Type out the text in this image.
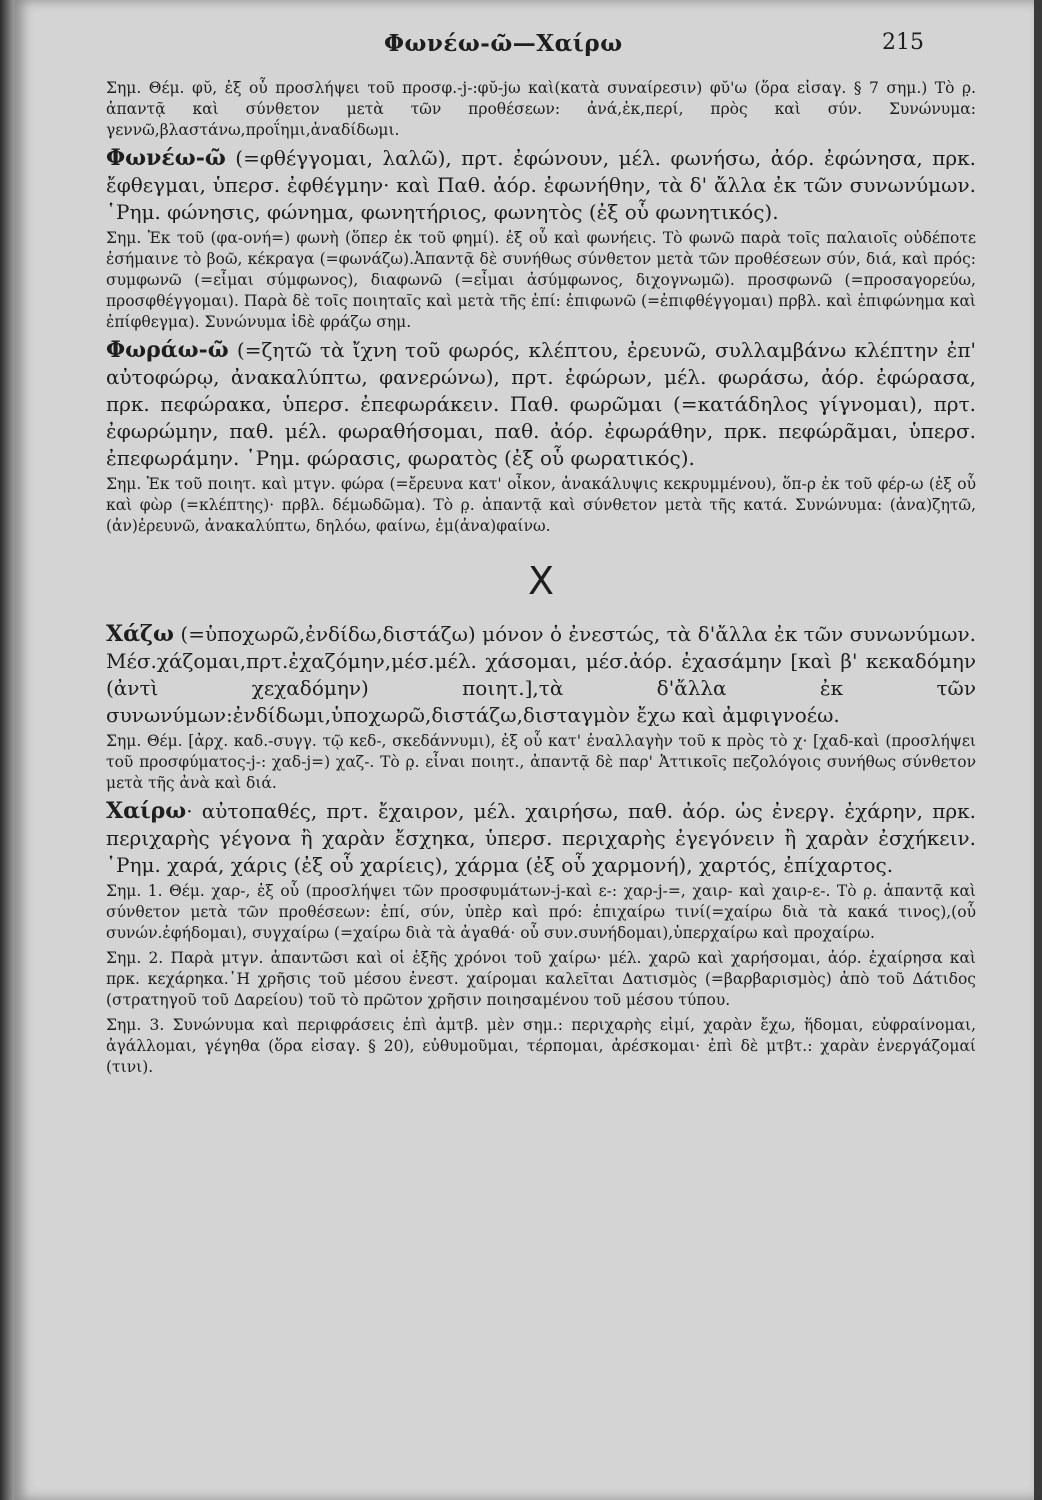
Φωνέω-ῶ—Χαίρω	215

Σημ. Θέμ. φῠ, ἐξ οὗ προσλήψει τοῦ προσφ.-j-:φῠ-jω καὶ(κατὰ συναίρεσιν) φῠ'ω (ὅρα εἰσαγ. § 7 σημ.) Τὸ ρ̣. ἁπαντᾷ καὶ σύνθετον μετὰ τῶν προθέσεων: ἀνά,ἐκ,περί, πρὸς καὶ σύν. Συνώνυμα: γεννῶ,βλαστάνω,προΐημι,ἀναδίδωμι.

Φωνέω-ῶ (=φθέγγομαι, λαλῶ), πρτ. ἐφώνουν, μέλ. φωνήσω, ἀόρ. ἐφώνησα, πρκ. ἔφθεγμαι, ὑπερσ. ἐφθέγμην· καὶ Παθ. ἀόρ. ἐφωνήθην, τὰ δ' ἄλλα ἐκ τῶν συνωνύμων. ῾Ρημ. φώνησις, φώνημα, φωνητήριος, φωνητὸς (ἐξ οὗ φωνητικός).

Σημ. Ἐκ τοῦ (φα-ονή=) φωνὴ (ὅπερ ἐκ τοῦ φημί). ἐξ οὗ καὶ φωνήεις. Τὸ φωνῶ παρὰ τοῖς παλαιοῖς οὐδέποτε ἐσήμαινε τὸ βοῶ, κέκραγα (=φωνάζω).Ἀπαντᾷ δὲ συνήθως σύνθετον μετὰ τῶν προθέσεων σύν, διά, καὶ πρός: συμφωνῶ (=εἶμαι σύμφωνος), διαφωνῶ (=εἶμαι ἀσύμφωνος, διχογνωμῶ). προσφωνῶ (=προσαγορεύω, προσφθέγγομαι). Παρὰ δὲ τοῖς ποιηταῖς καὶ μετὰ τῆς ἐπί: ἐπιφωνῶ (=ἐπιφθέγγομαι) πρβλ. καὶ ἐπιφώνημα καὶ ἐπίφθεγμα). Συνώνυμα ἰδὲ φράζω σημ.

Φωράω-ῶ (=ζητῶ τὰ ἴχνη τοῦ φωρός, κλέπτου, ἐρευνῶ, συλλαμβάνω κλέπτην ἐπ' αὐτοφώρῳ, ἀνακαλύπτω, φανερώνω), πρτ. ἐφώρων, μέλ. φωράσω, ἀόρ. ἐφώρασα, πρκ. πεφώρακα, ὑπερσ. ἐπεφωράκειν. Παθ. φωρῶμαι (=κατάδηλος γίγνομαι), πρτ. ἐφωρώμην, παθ. μέλ. φωραθήσομαι, παθ. ἀόρ. ἐφωράθην, πρκ. πεφώρᾶμαι, ὑπερσ. ἐπεφωράμην. ῾Ρημ. φώρασις, φωρατὸς (ἐξ οὗ φωρατικός).

Σημ. Ἐκ τοῦ ποιητ. καὶ μτγν. φώρα (=ἔρευνα κατ' οἶκον, ἀνακάλυψις κεκρυμμένου), ὅπ-ρ ἐκ τοῦ φέρ-ω (ἐξ οὗ καὶ φὼρ (=κλέπτης)· πρβλ. δέμωδῶμα). Τὸ ρ̣. ἁπαντᾷ καὶ σύνθετον μετὰ τῆς κατά. Συνώνυμα: (ἀνα)ζητῶ, (ἀν)ἐρευνῶ, ἀνακαλύπτω, δηλόω, φαίνω, ἐμ(ἀνα)φαίνω.

Χ

Χάζω (=ὑποχωρῶ,ἐνδίδω,διστάζω) μόνον ὁ ἐνεστώς, τὰ δ'ἄλλα ἐκ τῶν συνωνύμων. Μέσ.χάζομαι,πρτ.ἐχαζόμην,μέσ.μέλ. χάσομαι, μέσ.ἀόρ. ἐχασάμην [καὶ β' κεκαδόμην (ἀντὶ χεχαδόμην) ποιητ.],τὰ δ'ἄλλα ἐκ τῶν συνωνύμων:ἐνδίδωμι,ὑποχωρῶ,διστάζω,δισταγμὸν ἔχω καὶ ἀμφιγνοέω.

Σημ. Θέμ. [ἀρχ. καδ.-συγγ. τῷ κεδ-, σκεδάννυμι), ἐξ οὗ κατ' ἐναλλαγὴν τοῦ κ πρὸς τὸ χ· [χαδ-καὶ (προσλήψει τοῦ προσφύματος-j-: χαδ-j=) χαζ-. Τὸ ρ̣. εἶναι ποιητ., ἀπαντᾷ δὲ παρ' Ἀττικοῖς πεζολόγοις συνήθως σύνθετον μετὰ τῆς ἀνὰ καὶ διά.

Χαίρω· αὐτοπαθές, πρτ. ἔχαιρον, μέλ. χαιρήσω, παθ. ἀόρ. ὡς ἐνεργ. ἐχάρην, πρκ. περιχαρὴς γέγονα ἢ χαρὰν ἔσχηκα, ὑπερσ. περιχαρὴς ἐγεγόνειν ἢ χαρὰν ἐσχήκειν. ῾Ρημ. χαρά, χάρις (ἐξ οὗ χαρίεις), χάρμα (ἐξ οὗ χαρμονή), χαρτός, ἐπίχαρτος.

Σημ. 1. Θέμ. χαρ-, ἐξ οὗ (προσλήψει τῶν προσφυμάτων-j-καὶ ε-: χαρ-j-=, χαιρ- καὶ χαιρ-ε-. Τὸ ρ̣. ἁπαντᾷ καὶ σύνθετον μετὰ τῶν προθέσεων: ἐπί, σύν, ὑπὲρ καὶ πρό: ἐπιχαίρω τινί(=χαίρω διὰ τὰ κακά τινος),(οὗ συνών.ἐφήδομαι), συγχαίρω (=χαίρω διὰ τὰ ἀγαθά· οὗ συν.συνήδομαι),ὑπερχαίρω καὶ προχαίρω.

Σημ. 2. Παρὰ μτγν. ἀπαντῶσι καὶ οἱ ἑξῆς χρόνοι τοῦ χαίρω· μέλ. χαρῶ καὶ χαρήσομαι, ἀόρ. ἐχαίρησα καὶ πρκ. κεχάρηκα.῾Η χρῆσις τοῦ μέσου ἐνεστ. χαίρομαι καλεῖται Δατισμὸς (=βαρβαρισμὸς) ἀπὸ τοῦ Δάτιδος (στρατηγοῦ τοῦ Δαρείου) τοῦ τὸ πρῶτον χρῆσιν ποιησαμένου τοῦ μέσου τύπου.

Σημ. 3. Συνώνυμα καὶ περιφράσεις ἐπὶ ἀμτβ. μὲν σημ.: περιχαρὴς εἰμί, χαρὰν ἔχω, ἥδομαι, εὐφραίνομαι, ἀγάλλομαι, γέγηθα (ὅρα εἰσαγ. § 20), εὐθυμοῦμαι, τέρπομαι, ἀρέσκομαι· ἐπὶ δὲ μτβτ.: χαρὰν ἐνεργάζομαί (τινι).
